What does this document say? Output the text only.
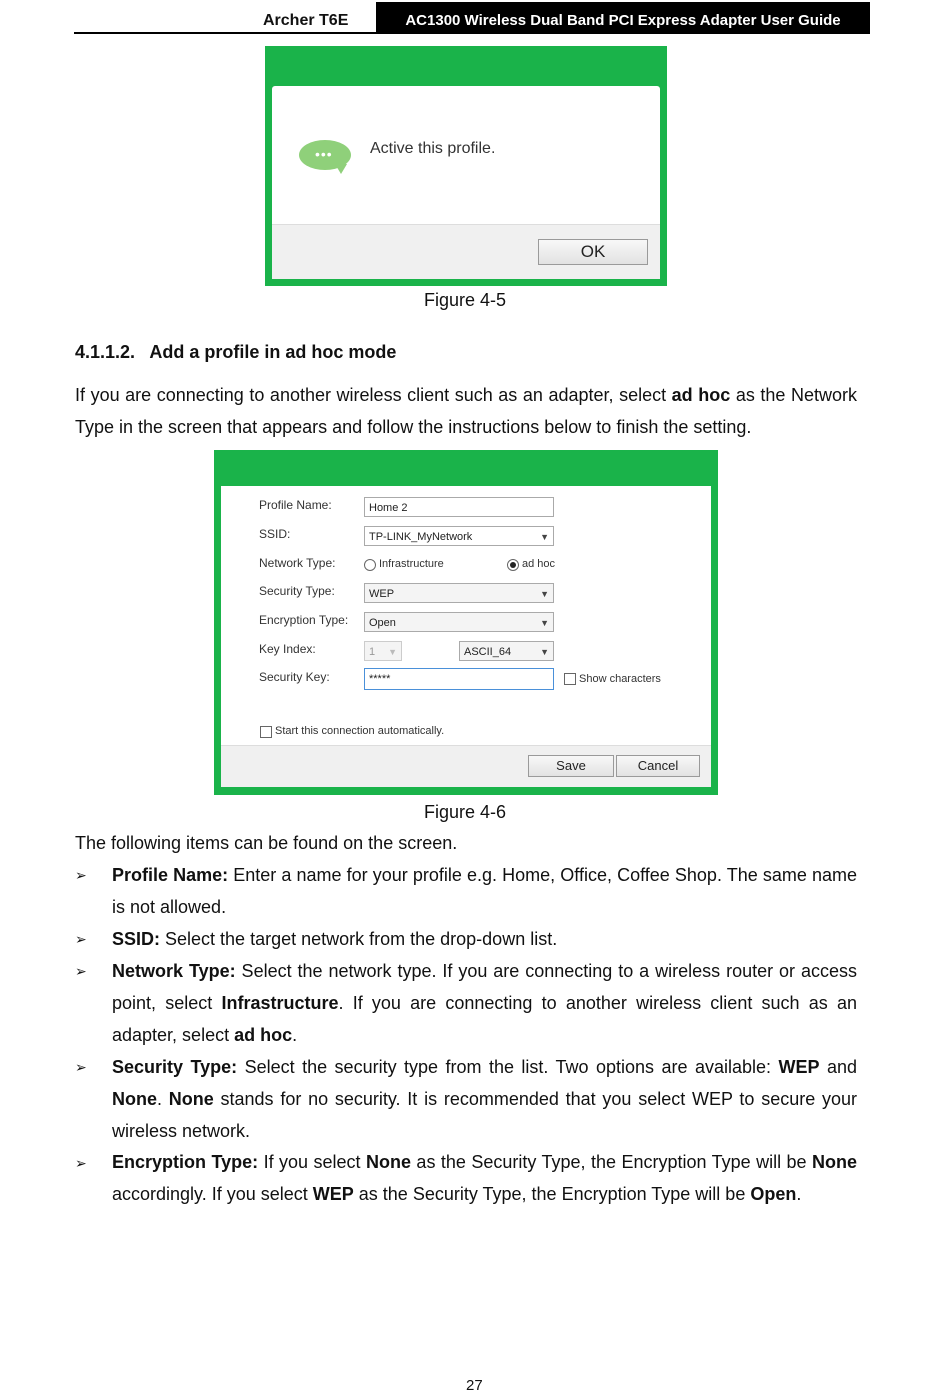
Archer T6E	AC1300 Wireless Dual Band PCI Express Adapter User Guide
••• Active this profile.
OK
Figure 4-5
4.1.1.2.   Add a profile in ad hoc mode
If you are connecting to another wireless client such as an adapter, select ad hoc as the Network Type in the screen that appears and follow the instructions below to finish the setting.
Profile Name:	Home 2
SSID:	TP-LINK_MyNetwork	▼
Network Type:	Infrastructure	ad hoc
Security Type:	WEP	▼
Encryption Type:	Open	▼
Key Index:	1 ▼	ASCII_64	▼
Security Key:	*****	Show characters
Start this connection automatically.
Save	Cancel
Figure 4-6
The following items can be found on the screen.
➢ Profile Name: Enter a name for your profile e.g. Home, Office, Coffee Shop. The same name is not allowed.
➢ SSID: Select the target network from the drop-down list.
➢ Network Type: Select the network type. If you are connecting to a wireless router or access point, select Infrastructure. If you are connecting to another wireless client such as an adapter, select ad hoc.
➢ Security Type: Select the security type from the list. Two options are available: WEP and None. None stands for no security. It is recommended that you select WEP to secure your wireless network.
➢ Encryption Type: If you select None as the Security Type, the Encryption Type will be None accordingly. If you select WEP as the Security Type, the Encryption Type will be Open.
27
